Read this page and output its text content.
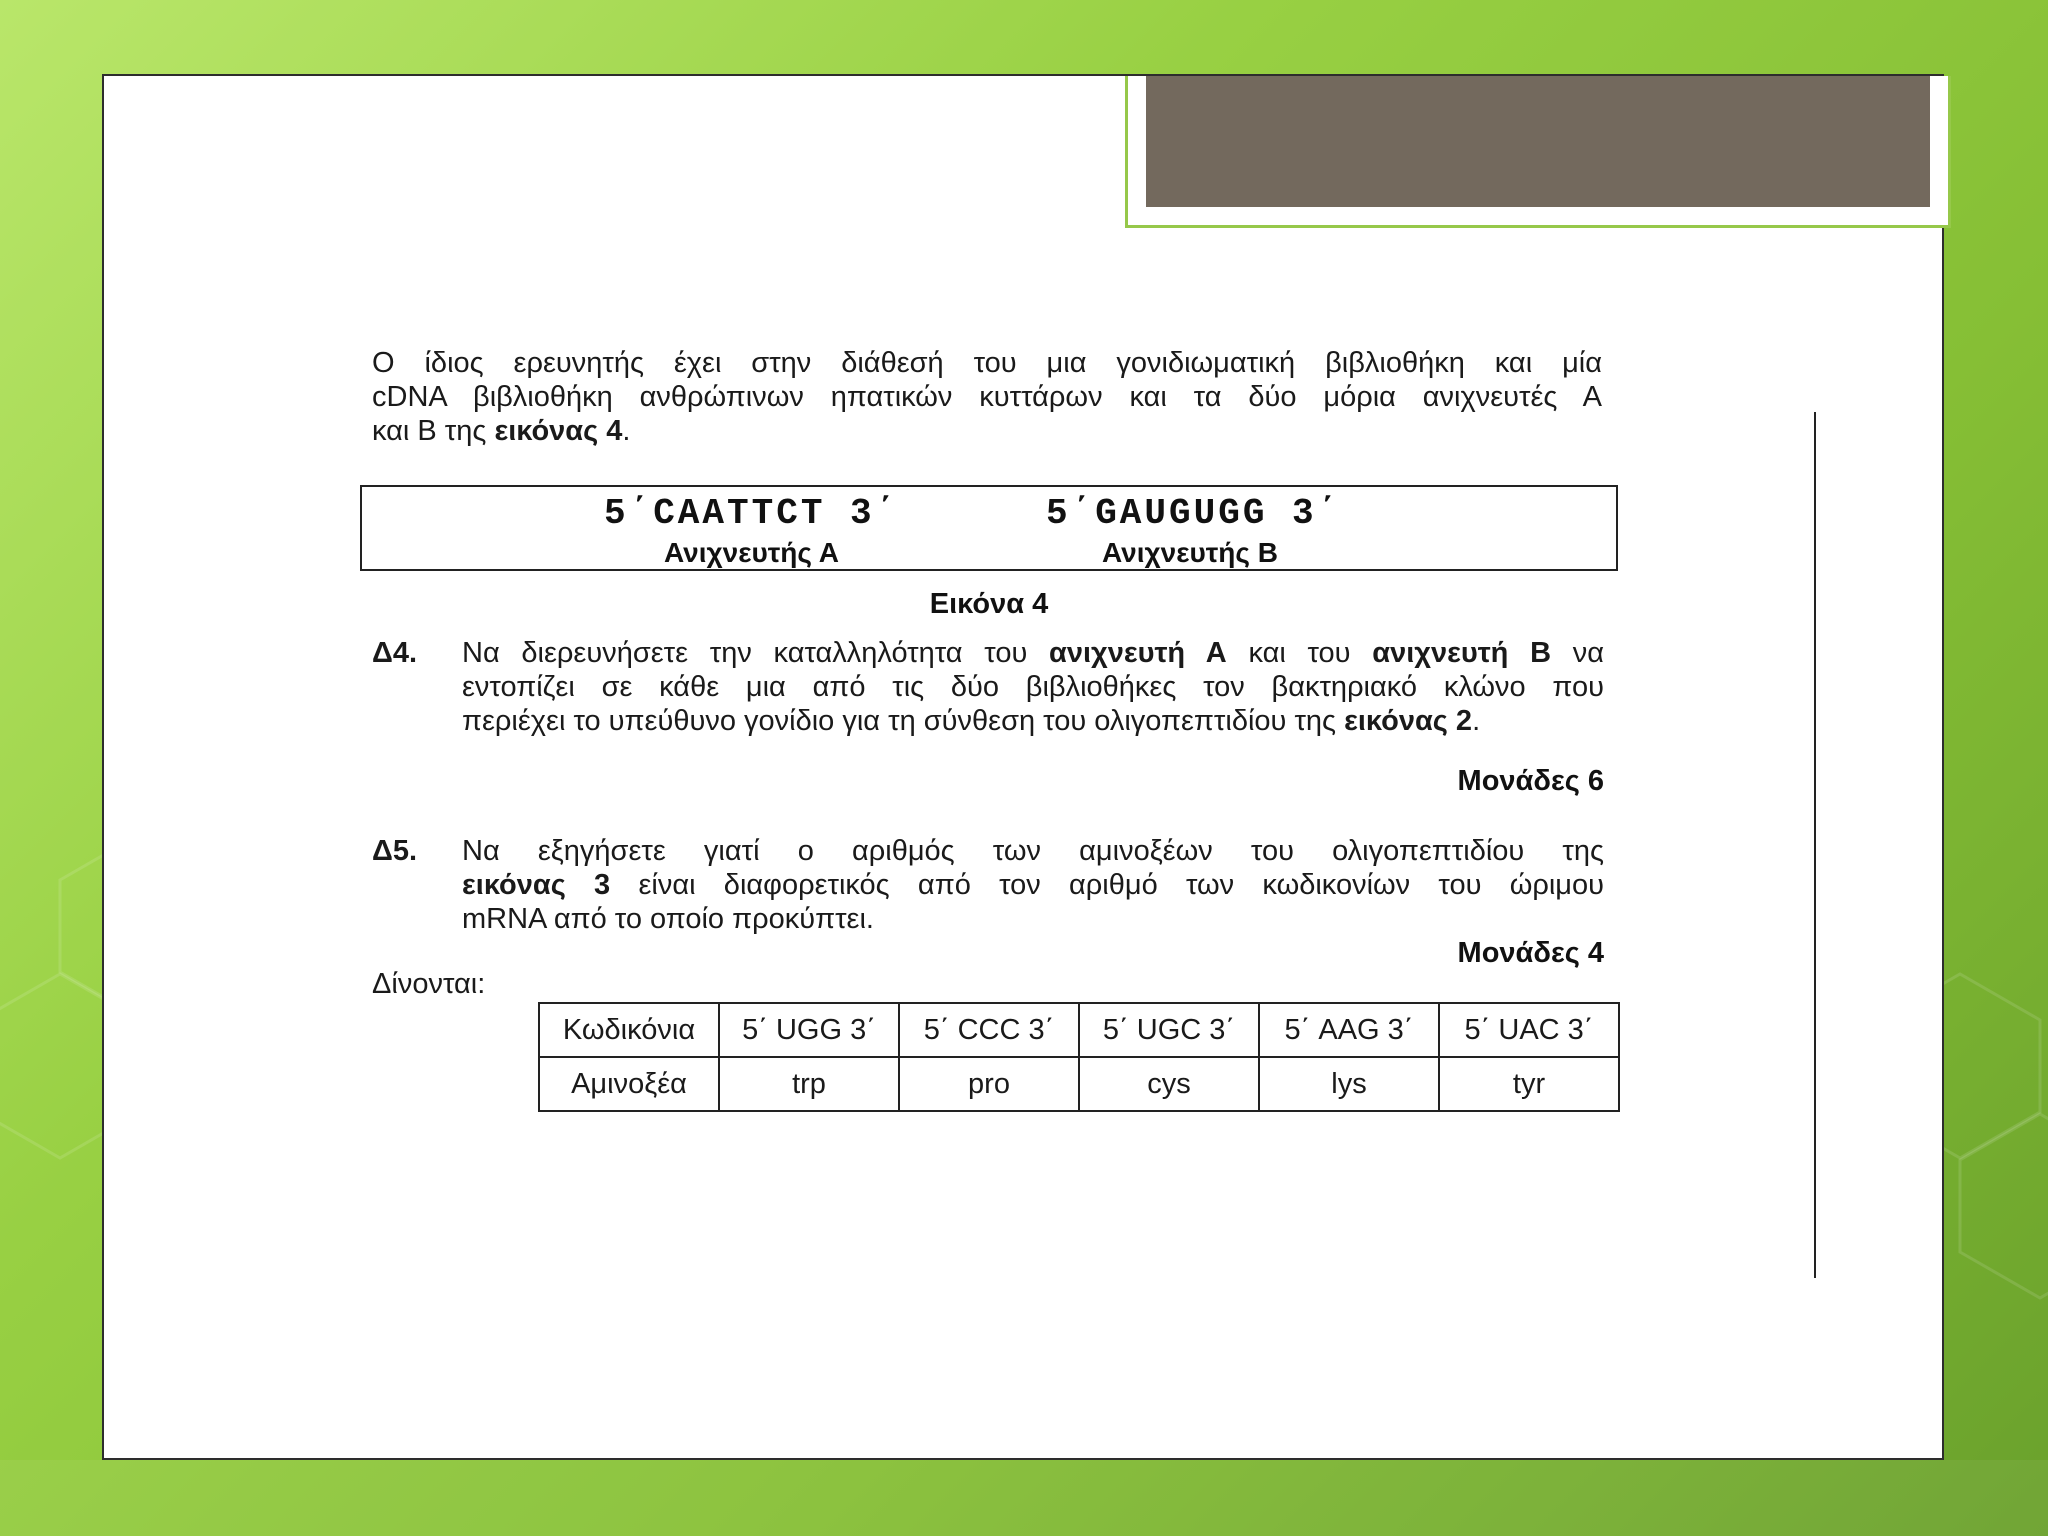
Ο ίδιος ερευνητής έχει στην διάθεσή του μια γονιδιωματική βιβλιοθήκη και μία

cDNA βιβλιοθήκη ανθρώπινων ηπατικών κυττάρων και τα δύο μόρια ανιχνευτές Α

και Β της εικόνας 4.

5΄CAATTCT 3΄
Ανιχνευτής Α
5΄GAUGUGG 3΄
Ανιχνευτής Β
Εικόνα 4
Δ4. Να διερευνήσετε την καταλληλότητα του ανιχνευτή Α και του ανιχνευτή Β να

εντοπίζει σε κάθε μια από τις δύο βιβλιοθήκες τον βακτηριακό κλώνο που

περιέχει το υπεύθυνο γονίδιο για τη σύνθεση του ολιγοπεπτιδίου της εικόνας 2.

Μονάδες 6
Δ5. Να εξηγήσετε γιατί ο αριθμός των αμινοξέων του ολιγοπεπτιδίου της

εικόνας 3 είναι διαφορετικός από τον αριθμό των κωδικονίων του ώριμου

mRNA από το οποίο προκύπτει.

Μονάδες 4
Δίνονται:
Κωδικόνια	5΄ UGG 3΄	5΄ CCC 3΄	5΄ UGC 3΄	5΄ AAG 3΄	5΄ UAC 3΄
Αμινοξέα	trp	pro	cys	lys	tyr
